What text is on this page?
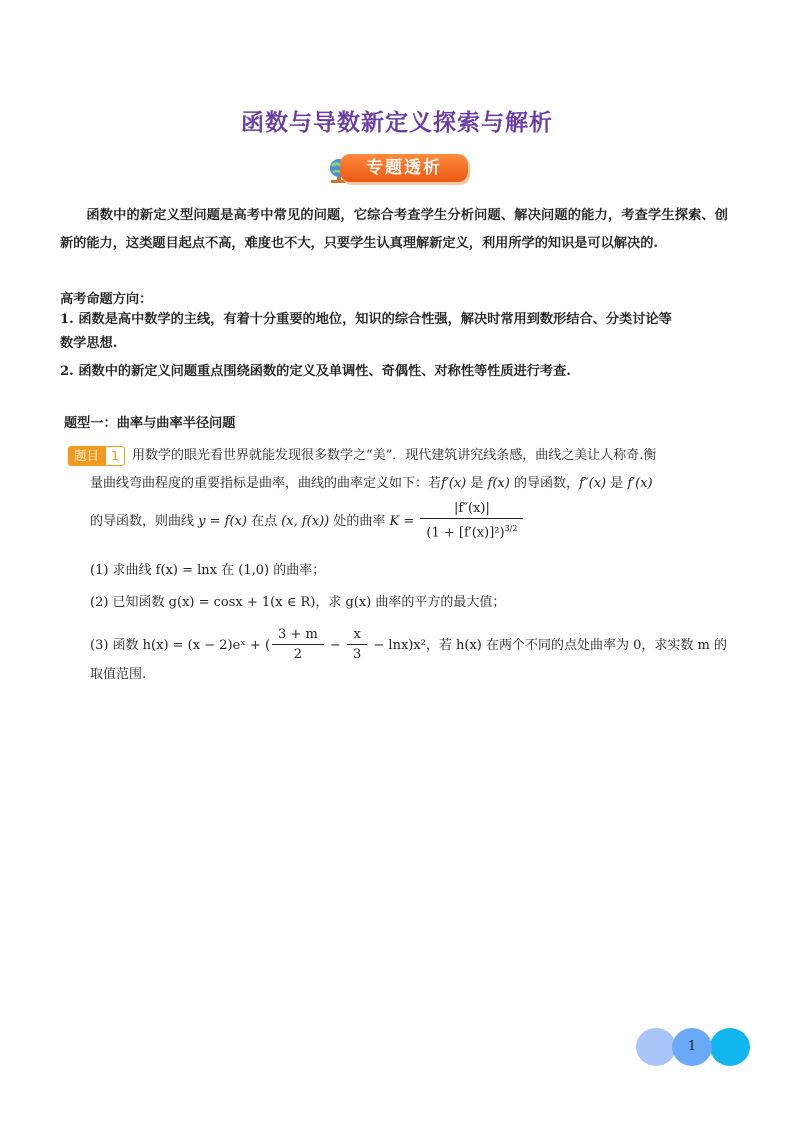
函数与导数新定义探索与解析
专题透析
函数中的新定义型问题是高考中常见的问题，它综合考查学生分析问题、解决问题的能力，考查学生探索、创新的能力，这类题目起点不高，难度也不大，只要学生认真理解新定义，利用所学的知识是可以解决的.
高考命题方向：
1. 函数是高中数学的主线，有着十分重要的地位，知识的综合性强，解决时常用到数形结合、分类讨论等
数学思想.
2. 函数中的新定义问题重点围绕函数的定义及单调性、奇偶性、对称性等性质进行考查.
题型一：曲率与曲率半径问题
题目 1	用数学的眼光看世界就能发现很多数学之“美”．现代建筑讲究线条感，曲线之美让人称奇.衡
量曲线弯曲程度的重要指标是曲率，曲线的曲率定义如下：若f′(x) 是 f(x) 的导函数，f″(x) 是 f′(x)
的导函数，则曲线 y = f(x) 在点 (x, f(x)) 处的曲率 $K = \frac{|f''(x)|}{(1 + [f'(x)]^2)^{3/2}}$
(1) 求曲线 f(x) = lnx 在 (1,0) 的曲率；
(2) 已知函数 g(x) = cosx + 1(x ∈ R)，求 g(x) 曲率的平方的最大值；
(3) 函数 h(x) = (x − 2)eˣ + ( $\frac{3 + m}{2} - \frac{x}{3} - \ln x)x^2$，若 h(x) 在两个不同的点处曲率为 0，求实数 m 的
取值范围.
1
